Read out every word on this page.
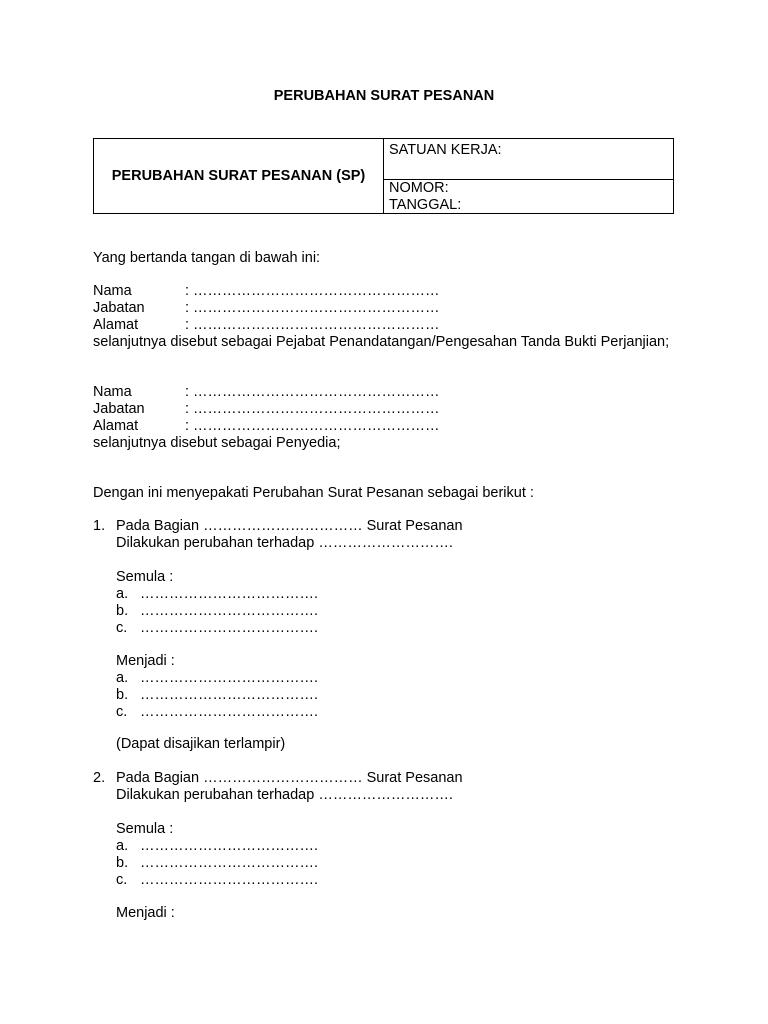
PERUBAHAN SURAT PESANAN
PERUBAHAN SURAT PESANAN (SP)
SATUAN KERJA:
NOMOR:
TANGGAL:
Yang bertanda tangan di bawah ini:
Nama	: ……………………………………………
Jabatan	: ……………………………………………
Alamat	: ……………………………………………
selanjutnya disebut sebagai Pejabat Penandatangan/Pengesahan Tanda Bukti Perjanjian;
Nama	: ……………………………………………
Jabatan	: ……………………………………………
Alamat	: ……………………………………………
selanjutnya disebut sebagai Penyedia;
Dengan ini menyepakati Perubahan Surat Pesanan sebagai berikut :
1. Pada Bagian …………………………… Surat Pesanan
Dilakukan perubahan terhadap ……………………….
Semula :
a. ……………………………….
b. ……………………………….
c. ……………………………….
Menjadi :
a. ……………………………….
b. ……………………………….
c. ……………………………….
(Dapat disajikan terlampir)
2. Pada Bagian …………………………… Surat Pesanan
Dilakukan perubahan terhadap ……………………….
Semula :
a. ……………………………….
b. ……………………………….
c. ……………………………….
Menjadi :
